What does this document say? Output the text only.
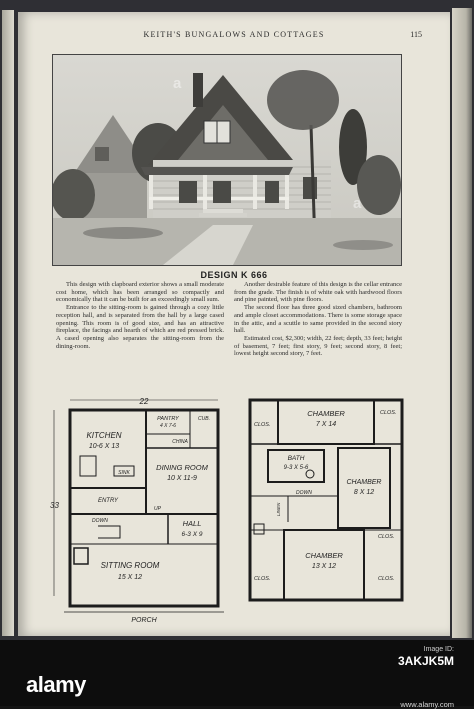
KEITH'S BUNGALOWS AND COTTAGES	115
a
a
DESIGN K 666

This design with clapboard exterior shows a small moderate cost home, which has been arranged so compactly and economically that it can be built for an exceedingly small sum.

Entrance to the sitting-room is gained through a cozy little reception hall, and is separated from the hall by a large cased opening. This room is of good size, and has an attractive fireplace, the facings and hearth of which are red pressed brick. A cased opening also separates the sitting-room from the dining-room.

Another desirable feature of this design is the cellar entrance from the grade. The finish is of white oak with hardwood floors and pine painted, with pine floors.

The second floor has three good sized chambers, bathroom and ample closet accommodations. There is some storage space in the attic, and a scuttle to same provided in the second story hall.

Estimated cost, $2,300; width, 22 feet; depth, 33 feet; height of basement, 7 feet; first story, 9 feet; second story, 8 feet; lowest height second story, 7 feet.

22
33
KITCHEN
10-6 X 13
PANTRY
4 X 7-6
CHINA
CUB.
DINING ROOM
10 X 11-9
SINK
ENTRY
UP
DOWN	HALL
6-3 X 9
SITTING ROOM
15 X 12
PORCH
CLOS.
CLOS.
CHAMBER
7 X 14
BATH
9-3 X 5-6
CHAMBER
8 X 12
DOWN
LINEN
CLOS.
CHAMBER
13 X 12
CLOS.	CLOS.
alamy
Image ID:
3AKJK5M
www.alamy.com
